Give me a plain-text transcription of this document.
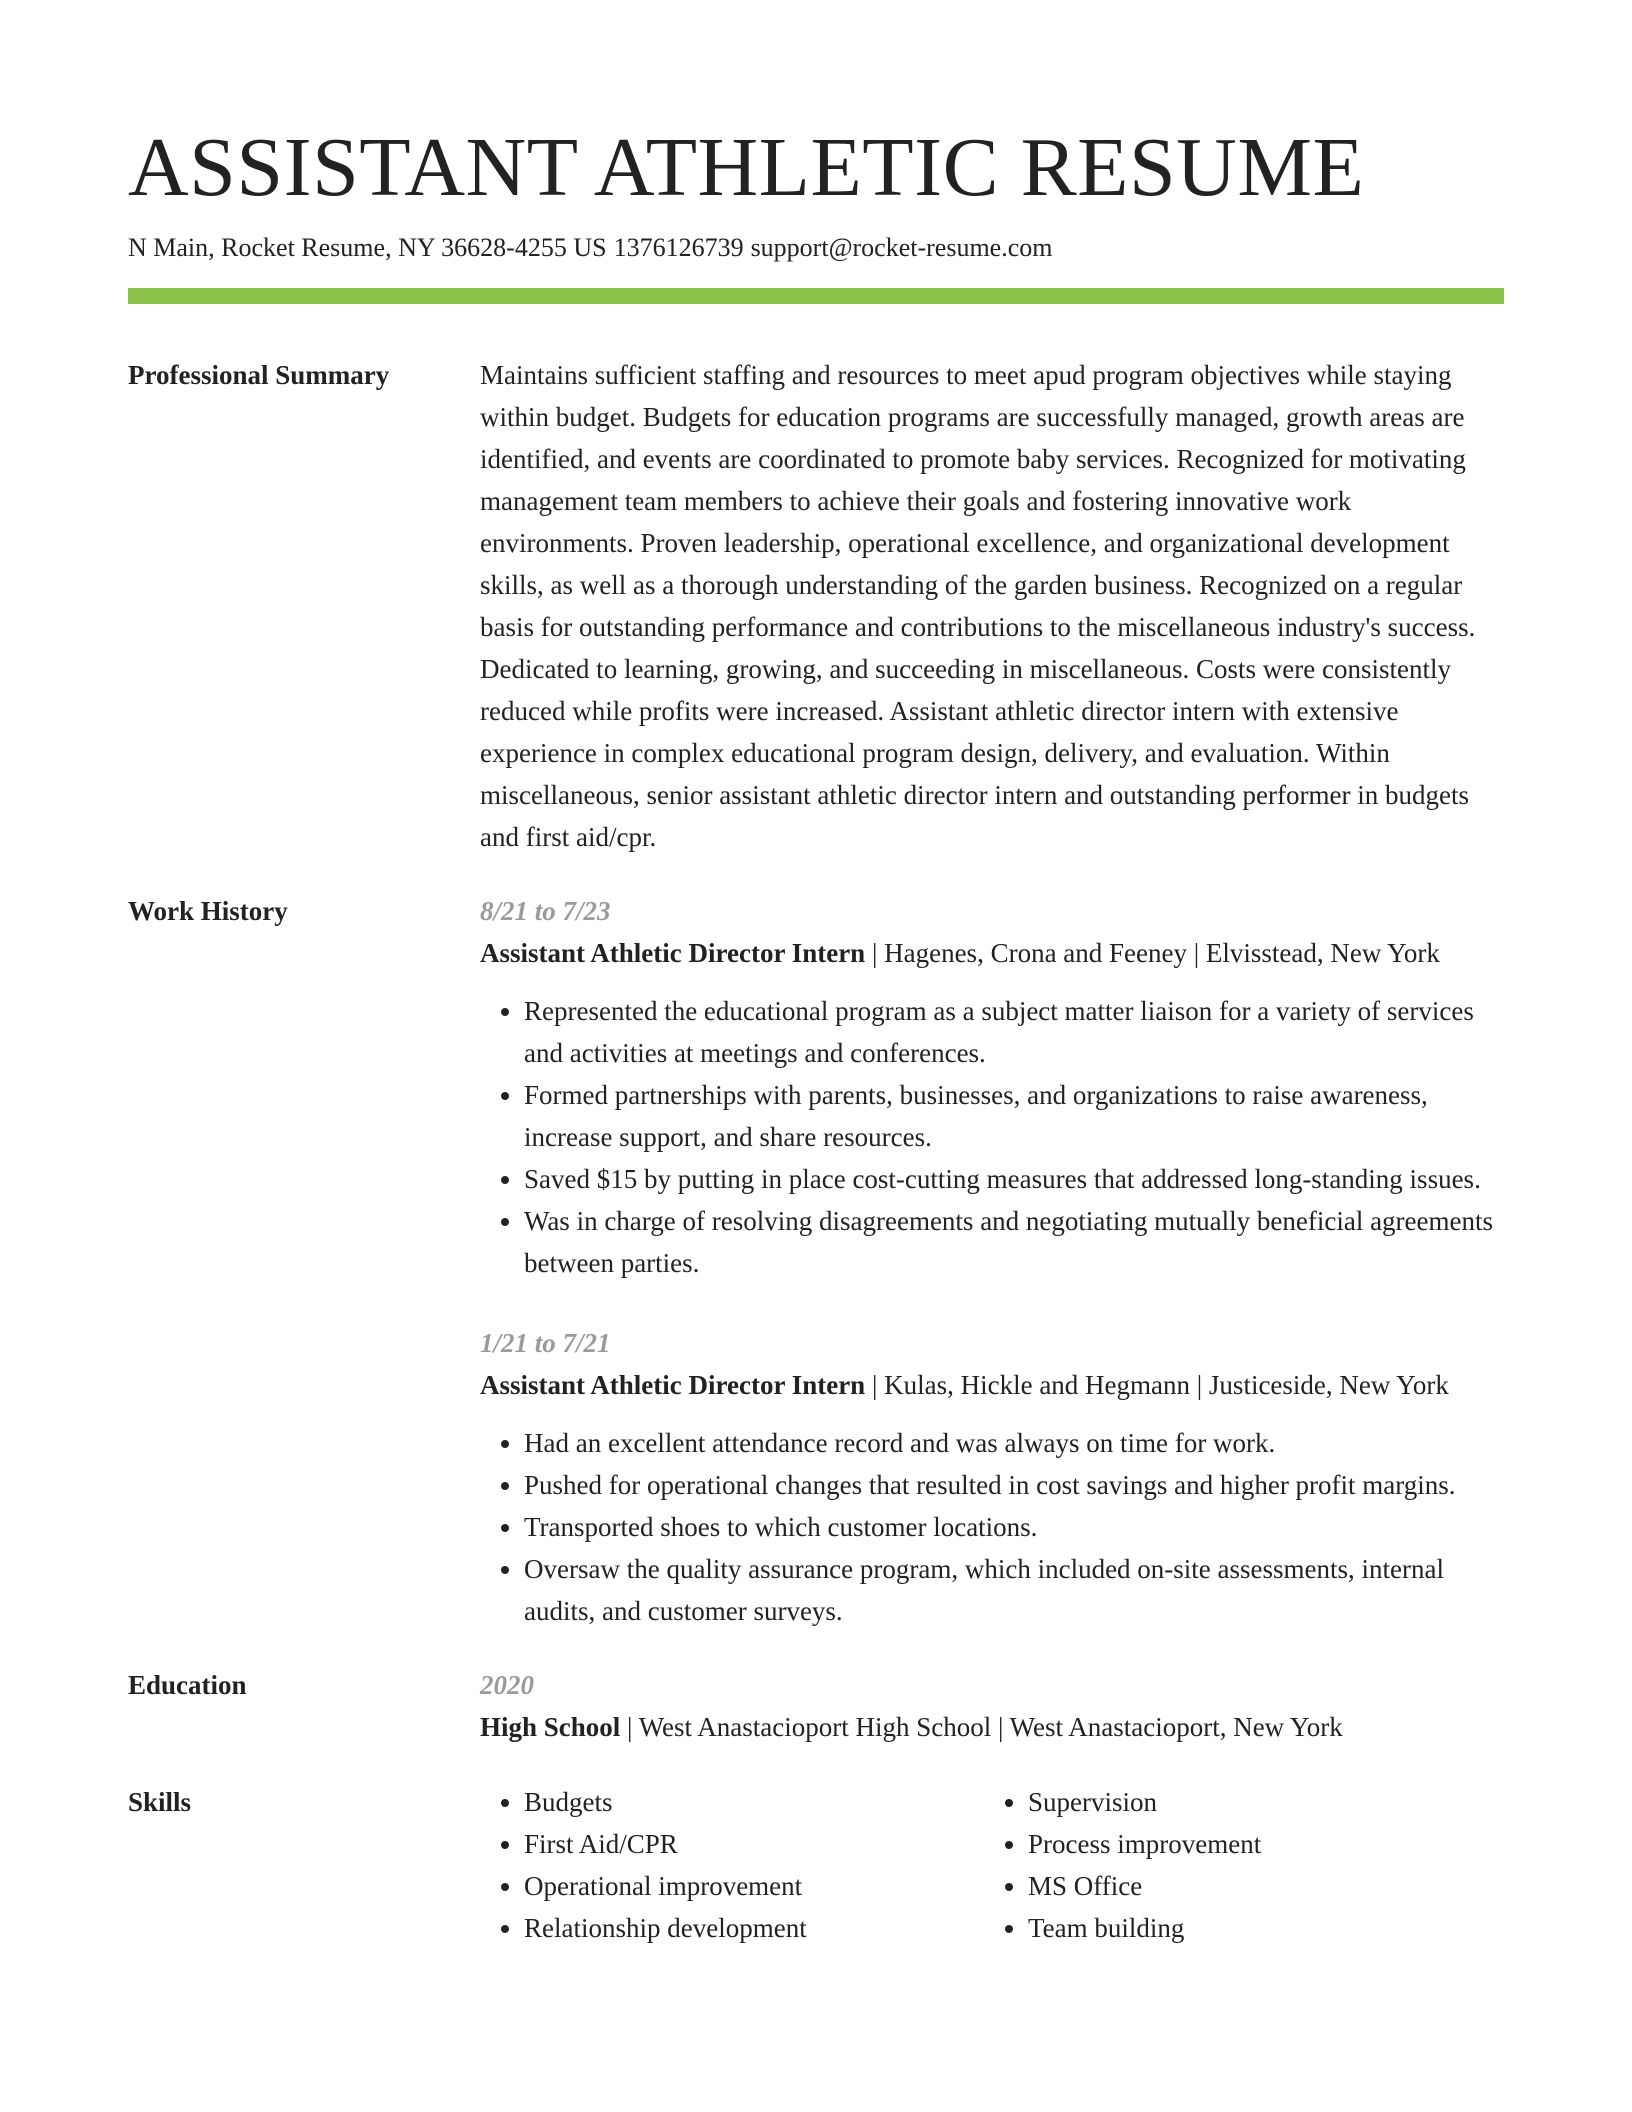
ASSISTANT ATHLETIC RESUME
N Main, Rocket Resume, NY 36628-4255 US 1376126739 support@rocket-resume.com
Professional Summary	Maintains sufficient staffing and resources to meet apud program objectives while staying within budget. Budgets for education programs are successfully managed, growth areas are identified, and events are coordinated to promote baby services. Recognized for motivating management team members to achieve their goals and fostering innovative work environments. Proven leadership, operational excellence, and organizational development skills, as well as a thorough understanding of the garden business. Recognized on a regular basis for outstanding performance and contributions to the miscellaneous industry's success. Dedicated to learning, growing, and succeeding in miscellaneous. Costs were consistently reduced while profits were increased. Assistant athletic director intern with extensive experience in complex educational program design, delivery, and evaluation. Within miscellaneous, senior assistant athletic director intern and outstanding performer in budgets and first aid/cpr.

Work History	8/21 to 7/23

Assistant Athletic Director Intern | Hagenes, Crona and Feeney | Elvisstead, New York

• Represented the educational program as a subject matter liaison for a variety of services and activities at meetings and conferences.
• Formed partnerships with parents, businesses, and organizations to raise awareness, increase support, and share resources.
• Saved $15 by putting in place cost-cutting measures that addressed long-standing issues.
• Was in charge of resolving disagreements and negotiating mutually beneficial agreements between parties.
1/21 to 7/21

Assistant Athletic Director Intern | Kulas, Hickle and Hegmann | Justiceside, New York

• Had an excellent attendance record and was always on time for work.
• Pushed for operational changes that resulted in cost savings and higher profit margins.
• Transported shoes to which customer locations.
• Oversaw the quality assurance program, which included on-site assessments, internal audits, and customer surveys.
Education	2020

High School | West Anastacioport High School | West Anastacioport, New York

Skills
•	Budgets
• First Aid/CPR
• Operational improvement
• Relationship development
• Supervision
• Process improvement
• MS Office
• Team building
